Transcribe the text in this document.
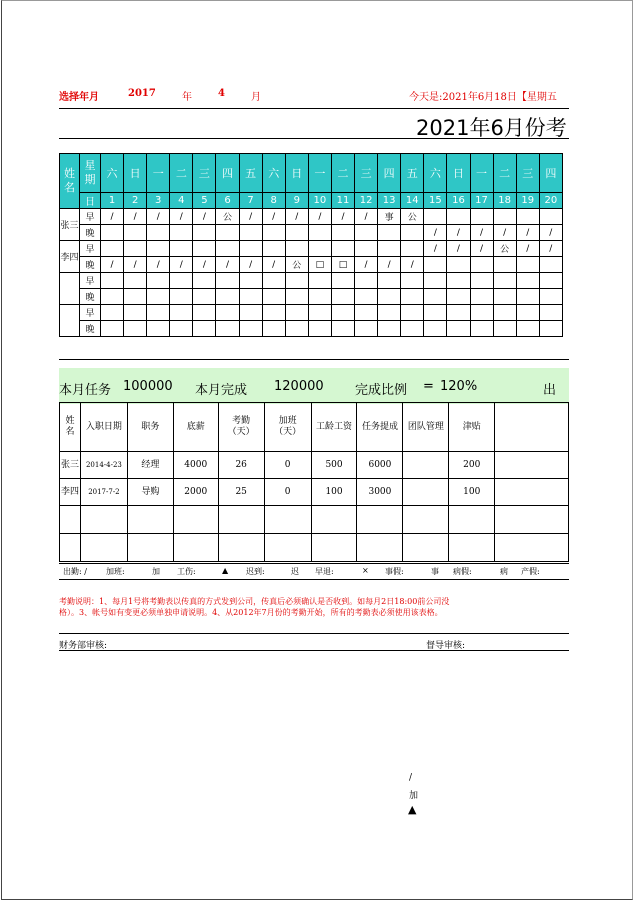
选择年月	2017	年	4	月	今天是:2021年6月18日【星期五
2021年6月份考
姓名	星期	六	日	一	二	三	四	五	六	日	一	二	三	四	五	六	日	一	二	三	四
	日	1	2	3	4	5	6	7	8	9	10	11	12	13	14	15	16	17	18	19	20
张三	早	/	/	/	/	/	公	/	/	/	/	/	/	事	公						
	晚															/	/	/	/	/	/
李四	早															/	/	/	公	/	/
	晚	/	/	/	/	/	/	/	/	公	□	□	/	/	/						
	早																				
	晚																				
	早																				
	晚																				
本月任务 100000 本月完成 120000 完成比例 = 120%	出
姓名	入职日期	职务	底薪	考勤（天）	加班（天）	工龄工资	任务提成	团队管理	津贴	
张三	2014-4-23	经理	4000	26	0	500	6000		200	
李四	2017-7-2	导购	2000	25	0	100	3000		100	

出勤: / 加班:	加 工伤:	▲ 迟到:	迟 早退:	× 事假:	事 病假:	病 产假:
考勤说明：1、每月1号将考勤表以传真的方式发到公司，传真后必须确认是否收到。如每月2日18:00前公司没
格）。3、帐号如有变更必须单独申请说明。4、从2012年7月份的考勤开始，所有的考勤表必须使用该表格。
财务部审核:	督导审核:
/
加
▲
